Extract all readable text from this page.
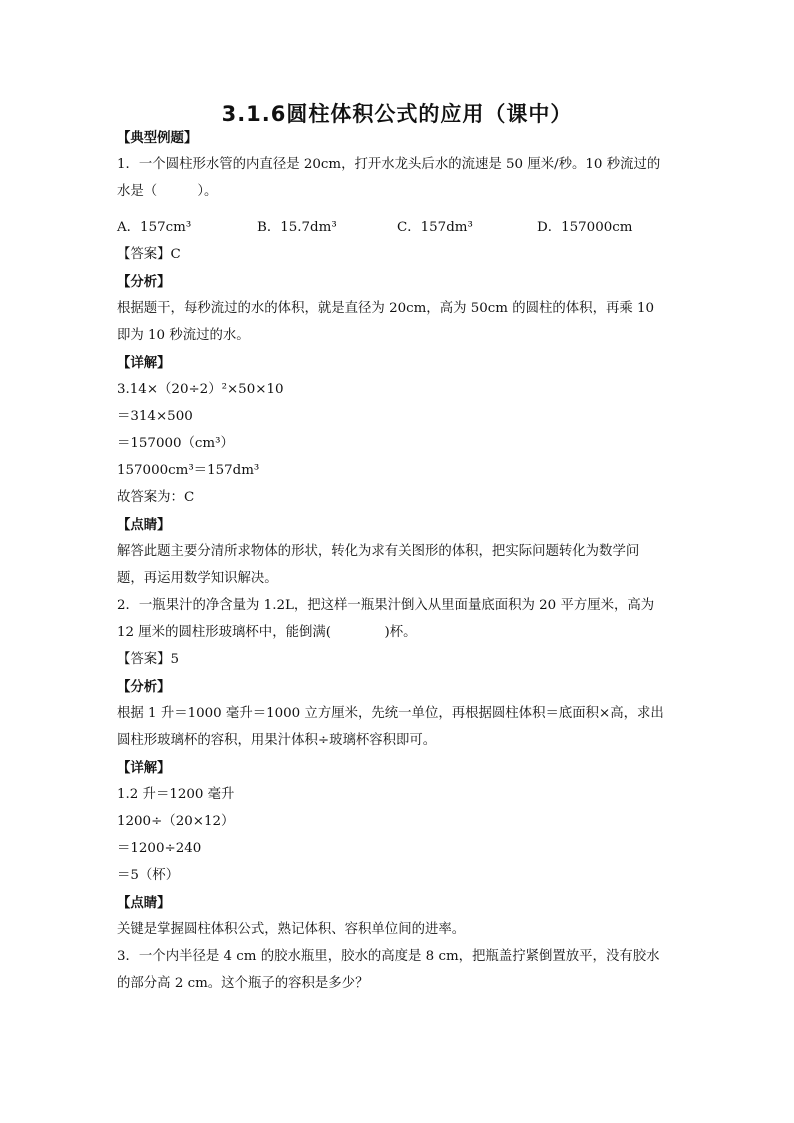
3.1.6圆柱体积公式的应用（课中）
【典型例题】
1．一个圆柱形水管的内直径是 20cm，打开水龙头后水的流速是 50 厘米/秒。10 秒流过的
水是（　　　）。
A．157cm³	B．15.7dm³	C．157dm³	D．157000cm
【答案】C
【分析】
根据题干，每秒流过的水的体积，就是直径为 20cm，高为 50cm 的圆柱的体积，再乘 10
即为 10 秒流过的水。
【详解】
3.14×（20÷2）²×50×10
＝314×500
＝157000（cm³）
157000cm³＝157dm³
故答案为：C
【点睛】
解答此题主要分清所求物体的形状，转化为求有关图形的体积，把实际问题转化为数学问
题，再运用数学知识解决。
2．一瓶果汁的净含量为 1.2L，把这样一瓶果汁倒入从里面量底面积为 20 平方厘米，高为
12 厘米的圆柱形玻璃杯中，能倒满(　　　　)杯。
【答案】5
【分析】
根据 1 升＝1000 毫升＝1000 立方厘米，先统一单位，再根据圆柱体积＝底面积×高，求出
圆柱形玻璃杯的容积，用果汁体积÷玻璃杯容积即可。
【详解】
1.2 升＝1200 毫升
1200÷（20×12）
＝1200÷240
＝5（杯）
【点睛】
关键是掌握圆柱体积公式，熟记体积、容积单位间的进率。
3．一个内半径是 4 cm 的胶水瓶里，胶水的高度是 8 cm，把瓶盖拧紧倒置放平，没有胶水
的部分高 2 cm。这个瓶子的容积是多少？
